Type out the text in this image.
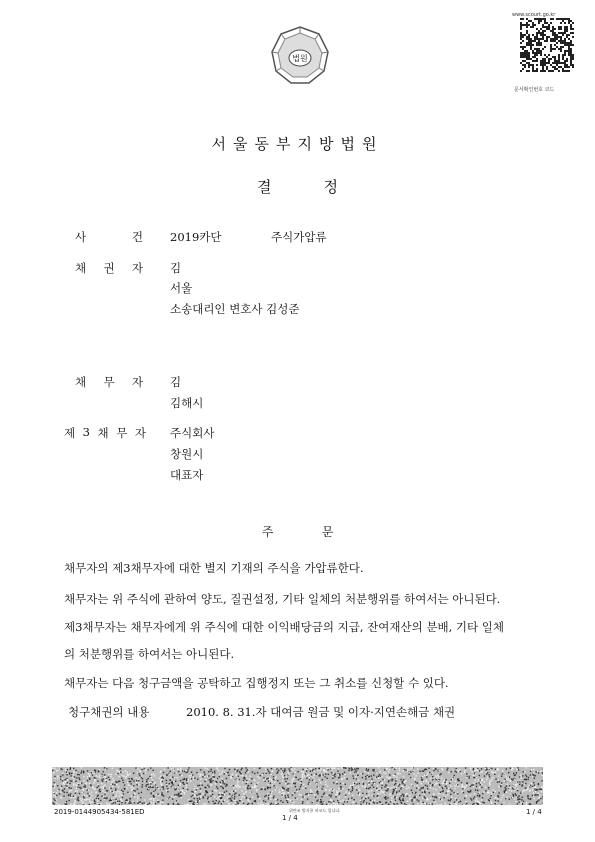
법원
www.scourt.go.kr
문서확인번호 코드
서울동부지방법원
결	정
사	건 2019카단	주식가압류
채 권 자 김
서울
소송대리인 변호사 김성준
채 무 자 김
김해시
제 3 채 무 자 주식회사
창원시
대표자
주	문
채무자의 제3채무자에 대한 별지 기재의 주식을 가압류한다.
채무자는 위 주식에 관하여 양도, 질권설정, 기타 일체의 처분행위를 하여서는 아니된다.
제3채무자는 채무자에게 위 주식에 대한 이익배당금의 지급, 잔여재산의 분배, 기타 일체
의 처분행위를 하여서는 아니된다.
채무자는 다음 청구금액을 공탁하고 집행정지 또는 그 취소를 신청할 수 있다.
청구채권의 내용	2010. 8. 31.자 대여금 원금 및 이자·지연손해금 채권
2019-0144905434-581ED	위변조 방지용 바코드 입니다.
1 / 4
1 / 4
